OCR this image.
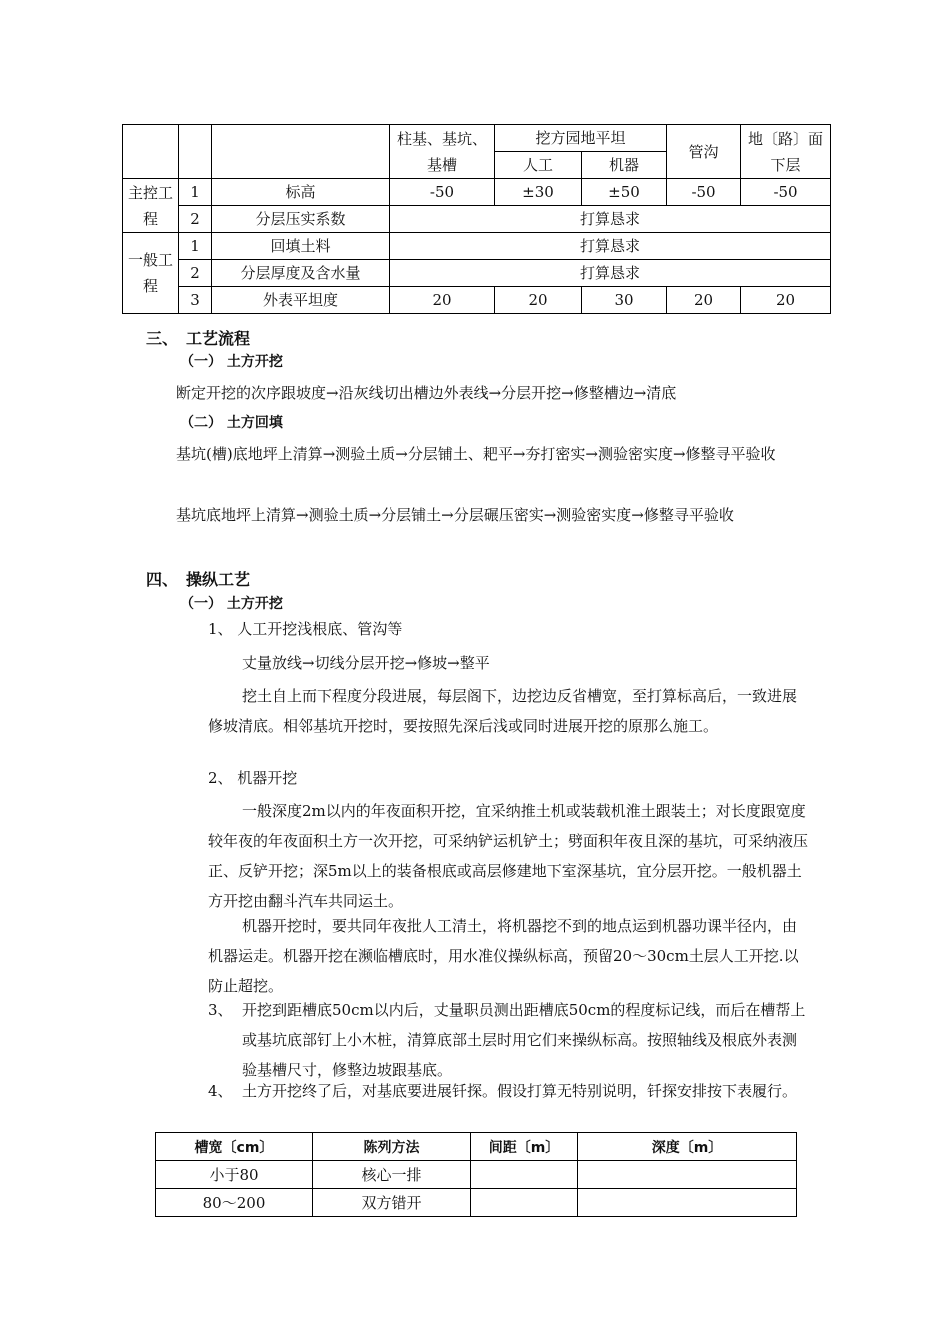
			柱基、基坑、基槽	挖方园地平坦		管沟	地〔路〕面下层
				人工	机器		
主控工程	1	标高	-50	±30	±50	-50	-50
	2	分层压实系数	打算恳求				
一般工程	1	回填土料	打算恳求				
	2	分层厚度及含水量	打算恳求				
	3	外表平坦度	20	20	30	20	20
三、　工艺流程
（一） 土方开挖
断定开挖的次序跟坡度→沿灰线切出槽边外表线→分层开挖→修整槽边→清底
（二） 土方回填
基坑(槽)底地坪上清算→测验土质→分层铺土、耙平→夯打密实→测验密实度→修整寻平验收
基坑底地坪上清算→测验土质→分层铺土→分层碾压密实→测验密实度→修整寻平验收
四、　操纵工艺
（一） 土方开挖
1、 人工开挖浅根底、管沟等
丈量放线→切线分层开挖→修坡→整平
挖土自上而下程度分段进展，每层阁下，边挖边反省槽宽，至打算标高后，一致进展修坡清底。相邻基坑开挖时，要按照先深后浅或同时进展开挖的原那么施工。
2、 机器开挖
一般深度2m以内的年夜面积开挖，宜采纳推土机或装载机淮土跟装土；对长度跟宽度较年夜的年夜面积土方一次开挖，可采纳铲运机铲土；劈面积年夜且深的基坑，可采纳液压正、反铲开挖；深5m以上的装备根底或高层修建地下室深基坑，宜分层开挖。一般机器土方开挖由翻斗汽车共同运土。
机器开挖时，要共同年夜批人工清土，将机器挖不到的地点运到机器功课半径内，由机器运走。机器开挖在濒临槽底时，用水准仪操纵标高，预留20～30cm土层人工开挖.以防止超挖。
3、 开挖到距槽底50cm以内后，丈量职员测出距槽底50cm的程度标记线，而后在槽帮上或基坑底部钉上小木桩，清算底部土层时用它们来操纵标高。按照轴线及根底外表测验基槽尺寸，修整边坡跟基底。
4、 土方开挖终了后，对基底要进展钎探。假设打算无特别说明，钎探安排按下表履行。
槽宽〔cm〕	陈列方法	间距〔m〕	深度〔m〕
小于80	核心一排		
80～200	双方错开		
